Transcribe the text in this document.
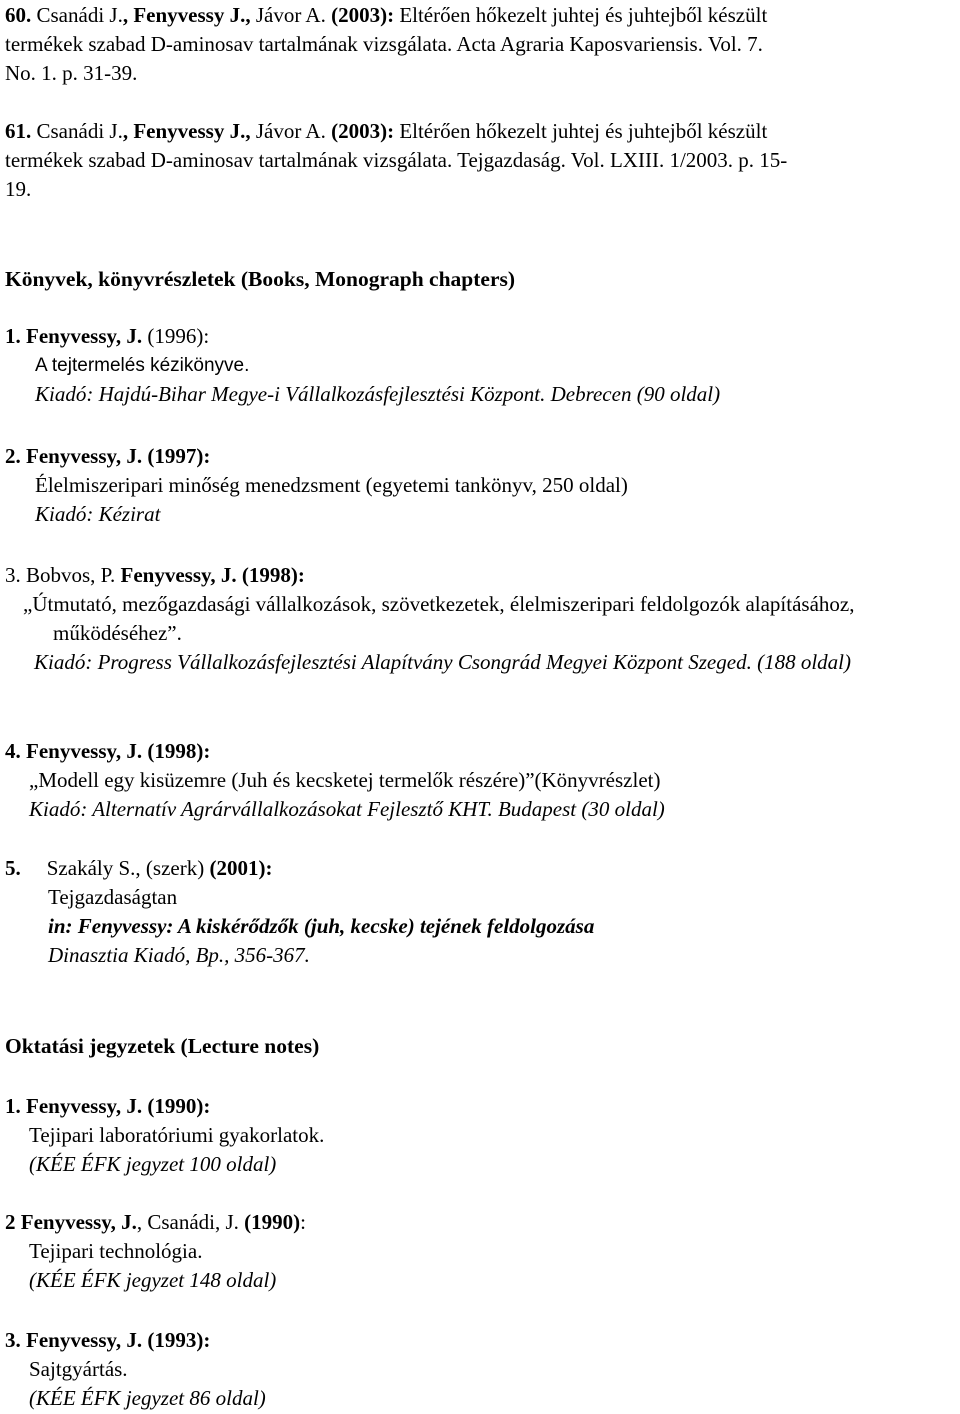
60. Csanádi J., Fenyvessy J., Jávor A. (2003): Eltérően hőkezelt juhtej és juhtejből készült

termékek szabad D-aminosav tartalmának vizsgálata. Acta Agraria Kaposvariensis. Vol. 7.

No. 1. p. 31-39.

61. Csanádi J., Fenyvessy J., Jávor A. (2003): Eltérően hőkezelt juhtej és juhtejből készült

termékek szabad D-aminosav tartalmának vizsgálata. Tejgazdaság. Vol. LXIII. 1/2003. p. 15-

19.

Könyvek, könyvrészletek (Books, Monograph chapters)

1. Fenyvessy, J. (1996):

A tejtermelés kézikönyve.

Kiadó: Hajdú-Bihar Megye-i Vállalkozásfejlesztési Központ. Debrecen (90 oldal)

2. Fenyvessy, J. (1997):

Élelmiszeripari minőség menedzsment (egyetemi tankönyv, 250 oldal)

Kiadó: Kézirat

3. Bobvos, P. Fenyvessy, J. (1998):

„Útmutató, mezőgazdasági vállalkozások, szövetkezetek, élelmiszeripari feldolgozók alapításához, működéséhez”.

Kiadó: Progress Vállalkozásfejlesztési Alapítvány Csongrád Megyei Központ Szeged. (188 oldal)

4. Fenyvessy, J. (1998):

„Modell egy kisüzemre (Juh és kecsketej termelők részére)”(Könyvrészlet)

Kiadó: Alternatív Agrárvállalkozásokat Fejlesztő KHT. Budapest (30 oldal)

5. Szakály S., (szerk) (2001):

Tejgazdaságtan

in: Fenyvessy: A kiskérődzők (juh, kecske) tejének feldolgozása

Dinasztia Kiadó, Bp., 356-367.

Oktatási jegyzetek (Lecture notes)

1. Fenyvessy, J. (1990):

Tejipari laboratóriumi gyakorlatok.

(KÉE ÉFK jegyzet 100 oldal)

2 Fenyvessy, J., Csanádi, J. (1990):

Tejipari technológia.

(KÉE ÉFK jegyzet 148 oldal)

3. Fenyvessy, J. (1993):

Sajtgyártás.

(KÉE ÉFK jegyzet 86 oldal)
